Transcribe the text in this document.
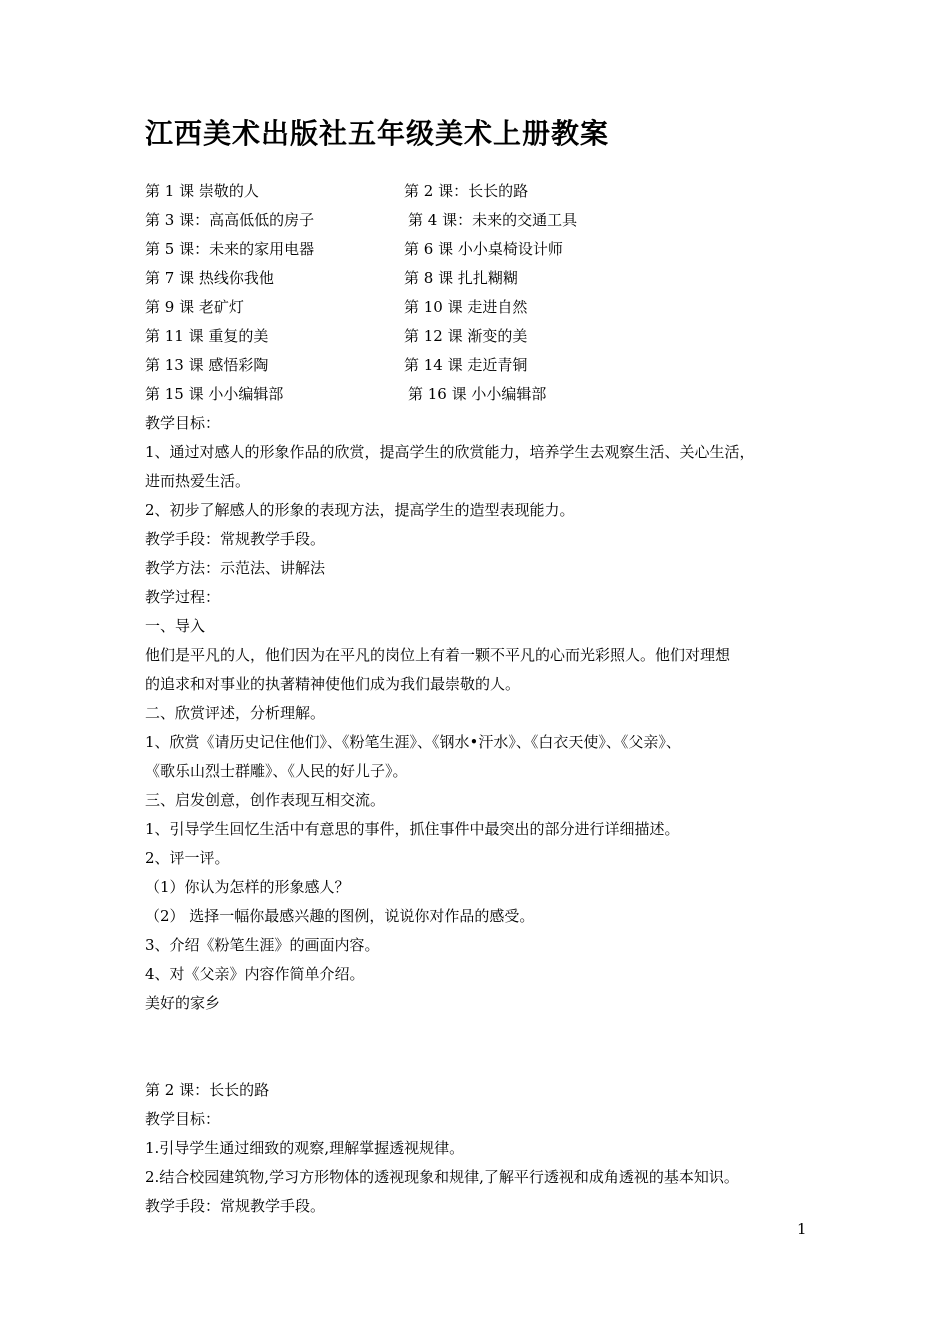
江西美术出版社五年级美术上册教案
第 1 课 崇敬的人	第 2 课：长长的路
第 3 课：高高低低的房子	第 4 课：未来的交通工具
第 5 课：未来的家用电器	第 6 课 小小桌椅设计师
第 7 课 热线你我他	第 8 课 扎扎糊糊
第 9 课 老矿灯	第 10 课 走进自然
第 11 课 重复的美	第 12 课 渐变的美
第 13 课 感悟彩陶	第 14 课 走近青铜
第 15 课 小小编辑部	第 16 课 小小编辑部
教学目标：
1、通过对感人的形象作品的欣赏，提高学生的欣赏能力，培养学生去观察生活、关心生活，
进而热爱生活。
2、初步了解感人的形象的表现方法，提高学生的造型表现能力。
教学手段：常规教学手段。
教学方法：示范法、讲解法
教学过程：
一、导入
他们是平凡的人，他们因为在平凡的岗位上有着一颗不平凡的心而光彩照人。他们对理想
的追求和对事业的执著精神使他们成为我们最崇敬的人。
二、欣赏评述，分析理解。
1、欣赏《请历史记住他们》、《粉笔生涯》、《钢水•汗水》、《白衣天使》、《父亲》、
《歌乐山烈士群雕》、《人民的好儿子》。
三、启发创意，创作表现互相交流。
1、引导学生回忆生活中有意思的事件，抓住事件中最突出的部分进行详细描述。
2、评一评。
（1）你认为怎样的形象感人？
（2） 选择一幅你最感兴趣的图例，说说你对作品的感受。
3、介绍《粉笔生涯》的画面内容。
4、对《父亲》内容作简单介绍。
美好的家乡
第 2 课：长长的路
教学目标：
1.引导学生通过细致的观察,理解掌握透视规律。
2.结合校园建筑物,学习方形物体的透视现象和规律,了解平行透视和成角透视的基本知识。
教学手段：常规教学手段。
1
